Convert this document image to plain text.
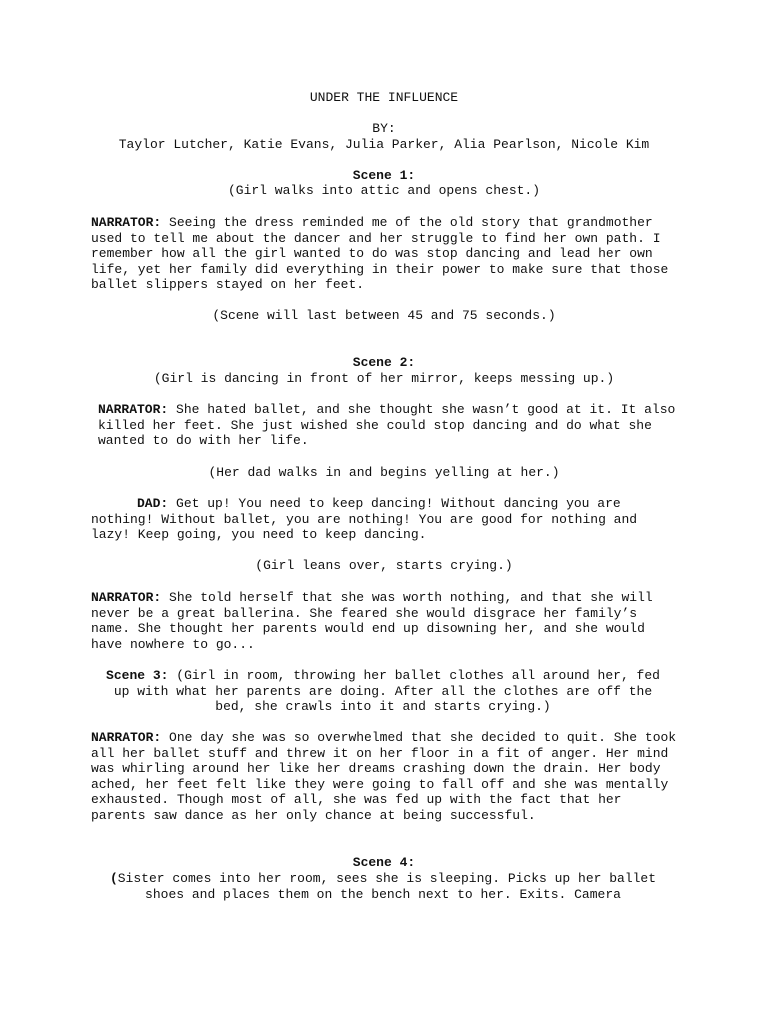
UNDER THE INFLUENCE
BY:
Taylor Lutcher, Katie Evans, Julia Parker, Alia Pearlson, Nicole Kim
Scene 1:
(Girl walks into attic and opens chest.)
NARRATOR: Seeing the dress reminded me of the old story that grandmother used to tell me about the dancer and her struggle to find her own path. I remember how all the girl wanted to do was stop dancing and lead her own life, yet her family did everything in their power to make sure that those ballet slippers stayed on her feet.
(Scene will last between 45 and 75 seconds.)
Scene 2:
(Girl is dancing in front of her mirror, keeps messing up.)
NARRATOR: She hated ballet, and she thought she wasn’t good at it. It also killed her feet. She just wished she could stop dancing and do what she wanted to do with her life.
(Her dad walks in and begins yelling at her.)
DAD: Get up! You need to keep dancing! Without dancing you are nothing! Without ballet, you are nothing! You are good for nothing and lazy! Keep going, you need to keep dancing.
(Girl leans over, starts crying.)
NARRATOR: She told herself that she was worth nothing, and that she will never be a great ballerina. She feared she would disgrace her family’s name. She thought her parents would end up disowning her, and she would have nowhere to go...
Scene 3: (Girl in room, throwing her ballet clothes all around her, fed up with what her parents are doing. After all the clothes are off the bed, she crawls into it and starts crying.)
NARRATOR: One day she was so overwhelmed that she decided to quit. She took all her ballet stuff and threw it on her floor in a fit of anger. Her mind was whirling around her like her dreams crashing down the drain. Her body ached, her feet felt like they were going to fall off and she was mentally exhausted. Though most of all, she was fed up with the fact that her parents saw dance as her only chance at being successful.
Scene 4:
(Sister comes into her room, sees she is sleeping. Picks up her ballet shoes and places them on the bench next to her. Exits. Camera
